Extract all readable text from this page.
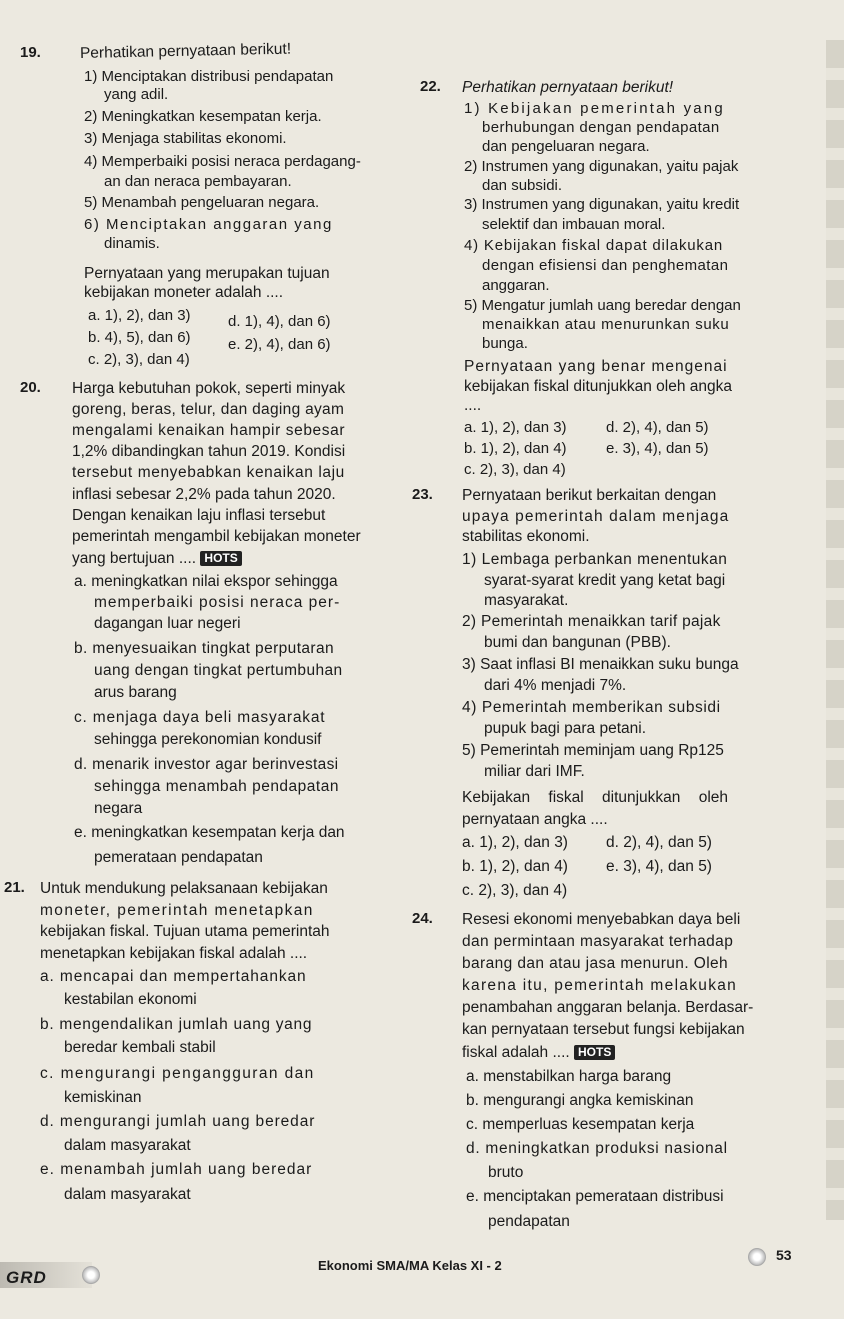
19.	Perhatikan pernyataan berikut!
1) Menciptakan distribusi pendapatan
yang adil.
2) Meningkatkan kesempatan kerja.
3) Menjaga stabilitas ekonomi.
4) Memperbaiki posisi neraca perdagang-
an dan neraca pembayaran.
5) Menambah pengeluaran negara.
6) Menciptakan anggaran yang
dinamis.
Pernyataan yang merupakan tujuan
kebijakan moneter adalah ....
a. 1), 2), dan 3) d. 1), 4), dan 6)
b. 4), 5), dan 6) e. 2), 4), dan 6)
c. 2), 3), dan 4)
20. Harga kebutuhan pokok, seperti minyak
goreng, beras, telur, dan daging ayam
mengalami kenaikan hampir sebesar
1,2% dibandingkan tahun 2019. Kondisi
tersebut menyebabkan kenaikan laju
inflasi sebesar 2,2% pada tahun 2020.
Dengan kenaikan laju inflasi tersebut
pemerintah mengambil kebijakan moneter
yang bertujuan .... HOTS
a. meningkatkan nilai ekspor sehingga
memperbaiki posisi neraca per-
dagangan luar negeri
b. menyesuaikan tingkat perputaran
uang dengan tingkat pertumbuhan
arus barang
c. menjaga daya beli masyarakat
sehingga perekonomian kondusif
d. menarik investor agar berinvestasi
sehingga menambah pendapatan
negara
e. meningkatkan kesempatan kerja dan
pemerataan pendapatan
21. Untuk mendukung pelaksanaan kebijakan
moneter, pemerintah menetapkan
kebijakan fiskal. Tujuan utama pemerintah
menetapkan kebijakan fiskal adalah ....
a. mencapai dan mempertahankan
kestabilan ekonomi
b. mengendalikan jumlah uang yang
beredar kembali stabil
c. mengurangi pengangguran dan
kemiskinan
d. mengurangi jumlah uang beredar
dalam masyarakat
e. menambah jumlah uang beredar
dalam masyarakat
22. Perhatikan pernyataan berikut!
1) Kebijakan pemerintah yang
berhubungan dengan pendapatan
dan pengeluaran negara.
2) Instrumen yang digunakan, yaitu pajak
dan subsidi.
3) Instrumen yang digunakan, yaitu kredit
selektif dan imbauan moral.
4) Kebijakan fiskal dapat dilakukan
dengan efisiensi dan penghematan
anggaran.
5) Mengatur jumlah uang beredar dengan
menaikkan atau menurunkan suku
bunga.
Pernyataan yang benar mengenai
kebijakan fiskal ditunjukkan oleh angka
....
a. 1), 2), dan 3)	d. 2), 4), dan 5)
b. 1), 2), dan 4)	e. 3), 4), dan 5)
c. 2), 3), dan 4)
23. Pernyataan berikut berkaitan dengan
upaya pemerintah dalam menjaga
stabilitas ekonomi.
1) Lembaga perbankan menentukan
syarat-syarat kredit yang ketat bagi
masyarakat.
2) Pemerintah menaikkan tarif pajak
bumi dan bangunan (PBB).
3) Saat inflasi BI menaikkan suku bunga
dari 4% menjadi 7%.
4) Pemerintah memberikan subsidi
pupuk bagi para petani.
5) Pemerintah meminjam uang Rp125
miliar dari IMF.
Kebijakan fiskal ditunjukkan oleh
pernyataan angka ....
a. 1), 2), dan 3) d. 2), 4), dan 5)
b. 1), 2), dan 4) e. 3), 4), dan 5)
c. 2), 3), dan 4)
24. Resesi ekonomi menyebabkan daya beli
dan permintaan masyarakat terhadap
barang dan atau jasa menurun. Oleh
karena itu, pemerintah melakukan
penambahan anggaran belanja. Berdasar-
kan pernyataan tersebut fungsi kebijakan
fiskal adalah .... HOTS
a. menstabilkan harga barang
b. mengurangi angka kemiskinan
c. memperluas kesempatan kerja
d. meningkatkan produksi nasional
bruto
e. menciptakan pemerataan distribusi
pendapatan
Ekonomi SMA/MA Kelas XI - 2
53
GRD
